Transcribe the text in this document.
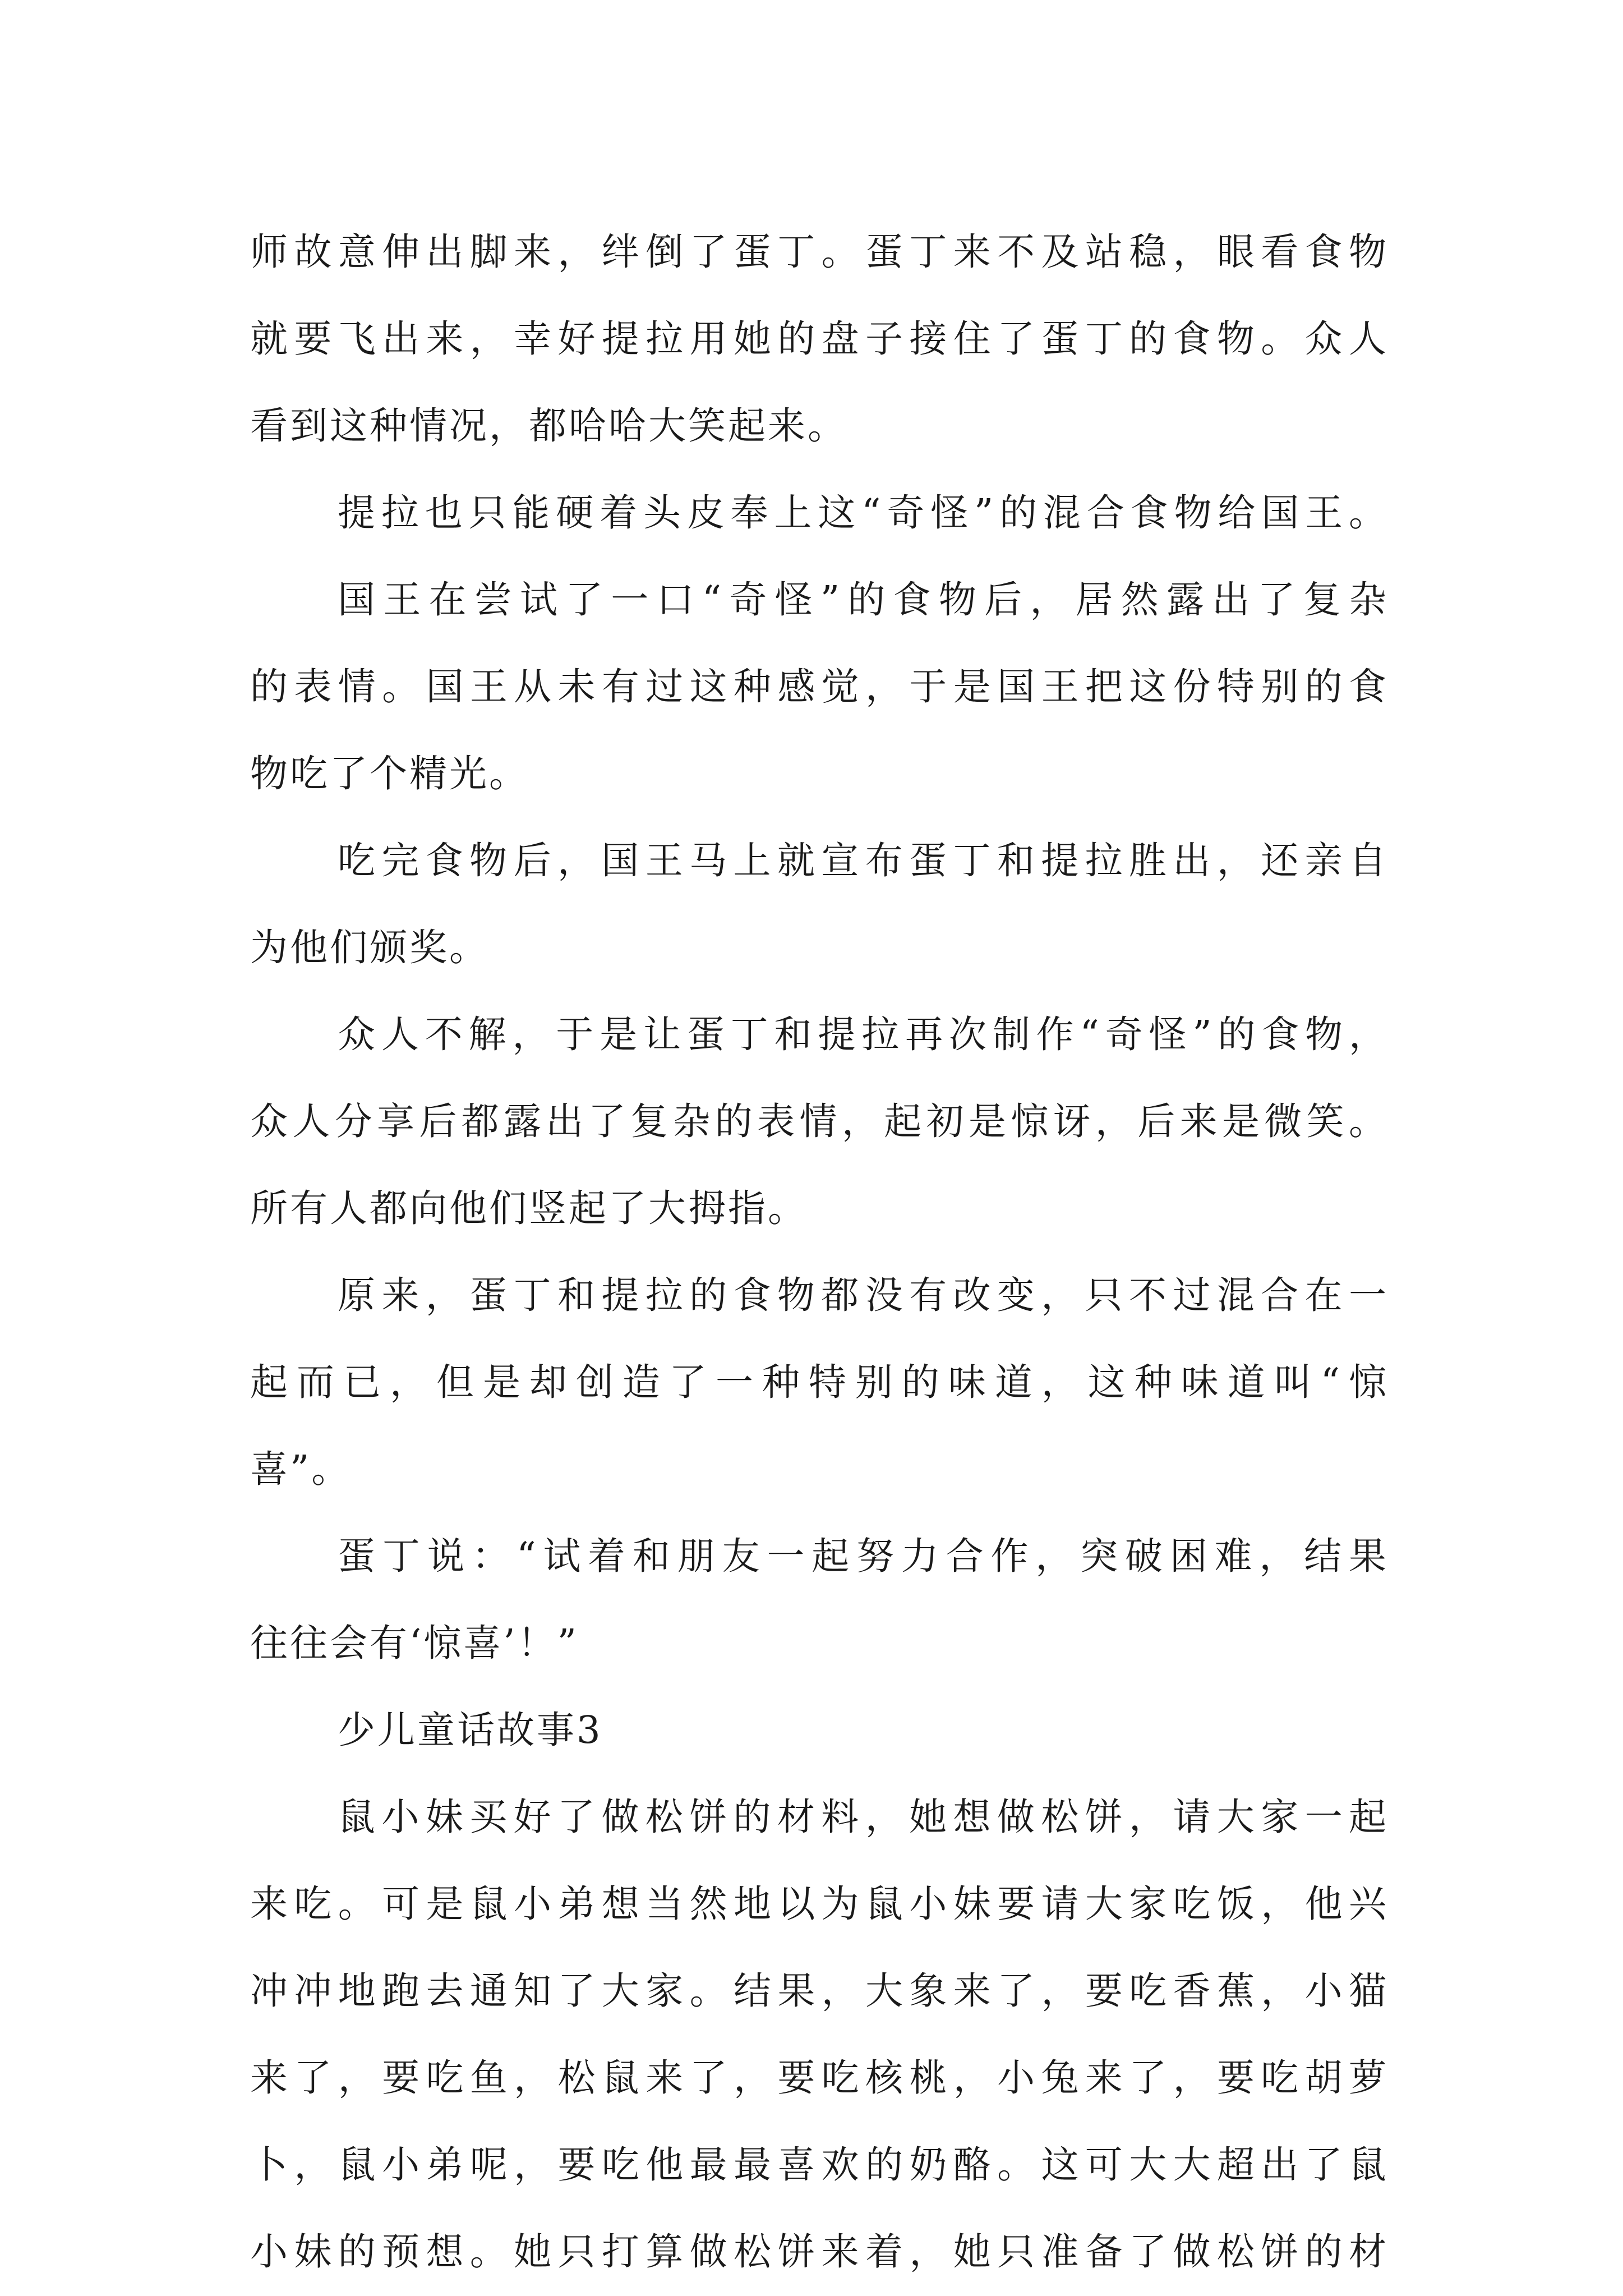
师故意伸出脚来，绊倒了蛋丁。蛋丁来不及站稳，眼看食物
就要飞出来，幸好提拉用她的盘子接住了蛋丁的食物。众人
看到这种情况，都哈哈大笑起来。
提拉也只能硬着头皮奉上这“奇怪”的混合食物给国王。
国王在尝试了一口“奇怪”的食物后，居然露出了复杂
的表情。国王从未有过这种感觉，于是国王把这份特别的食
物吃了个精光。
吃完食物后，国王马上就宣布蛋丁和提拉胜出，还亲自
为他们颁奖。
众人不解，于是让蛋丁和提拉再次制作“奇怪”的食物，
众人分享后都露出了复杂的表情，起初是惊讶，后来是微笑。
所有人都向他们竖起了大拇指。
原来，蛋丁和提拉的食物都没有改变，只不过混合在一
起而已，但是却创造了一种特别的味道，这种味道叫“惊
喜”。
蛋丁说：“试着和朋友一起努力合作，突破困难，结果
往往会有‘惊喜’！”
少儿童话故事3
鼠小妹买好了做松饼的材料，她想做松饼，请大家一起
来吃。可是鼠小弟想当然地以为鼠小妹要请大家吃饭，他兴
冲冲地跑去通知了大家。结果，大象来了，要吃香蕉，小猫
来了，要吃鱼，松鼠来了，要吃核桃，小兔来了，要吃胡萝
卜，鼠小弟呢，要吃他最最喜欢的奶酪。这可大大超出了鼠
小妹的预想。她只打算做松饼来着，她只准备了做松饼的材
